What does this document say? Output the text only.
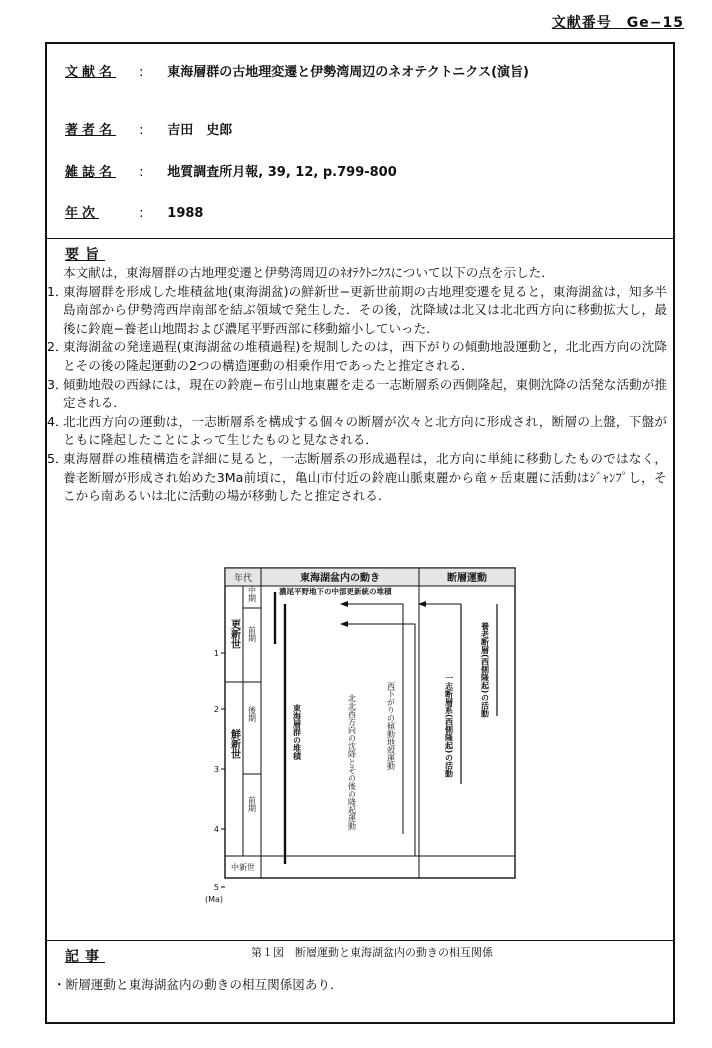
文献番号　Ge−15
文献名 : 東海層群の古地理変遷と伊勢湾周辺のネオテクトニクス(演旨)
著者名 : 吉田　史郎
雑誌名 : 地質調査所月報, 39, 12, p.799-800
年次	: 1988
要旨

本文献は，東海層群の古地理変遷と伊勢湾周辺のﾈｵﾃｸﾄﾆｸｽについて以下の点を示した．

1．
東海層群を形成した堆積盆地(東海湖盆)の鮮新世−更新世前期の古地理変遷を見ると，東海湖盆は，知多半島南部から伊勢湾西岸南部を結ぶ領域で発生した．その後，沈降域は北又は北北西方向に移動拡大し，最後に鈴鹿−養老山地間および濃尾平野西部に移動縮小していった．
2．
東海湖盆の発達過程(東海湖盆の堆積過程)を規制したのは，西下がりの傾動地設運動と，北北西方向の沈降とその後の隆起運動の2つの構造運動の相乗作用であったと推定される．
3．
傾動地殻の西縁には，現在の鈴鹿−布引山地東麗を走る一志断層系の西側隆起，東側沈降の活発な活動が推定される．
4．
北北西方向の運動は，一志断層系を構成する個々の断層が次々と北方向に形成され，断層の上盤，下盤がともに隆起したことによって生じたものと見なされる．
5．
東海層群の堆積構造を詳細に見ると，一志断層系の形成過程は，北方向に単純に移動したものではなく，養老断層が形成され始めた3Ma前頃に，亀山市付近の鈴鹿山脈東麗から竜ヶ岳東麗に活動はｼﾞｬﾝﾌﾟし，そこから南あるいは北に活動の場が移動したと推定される．
年代	東海湖盆内の動き	断層運動
更新世
鮮新世
中期
前期
後期
前期
中新世
1
2
3
4
5
(Ma)
濃尾平野地下の中部更新統の堆積
東海層群の堆積	北北西方向の沈降とその後の隆起運動	西下がりの傾動地殻運動	一志断層系(西側隆起)の活動
養老断層(西側隆起)の活動
第１図　断層運動と東海湖盆内の動きの相互関係
記事
・断層運動と東海湖盆内の動きの相互関係図あり．
